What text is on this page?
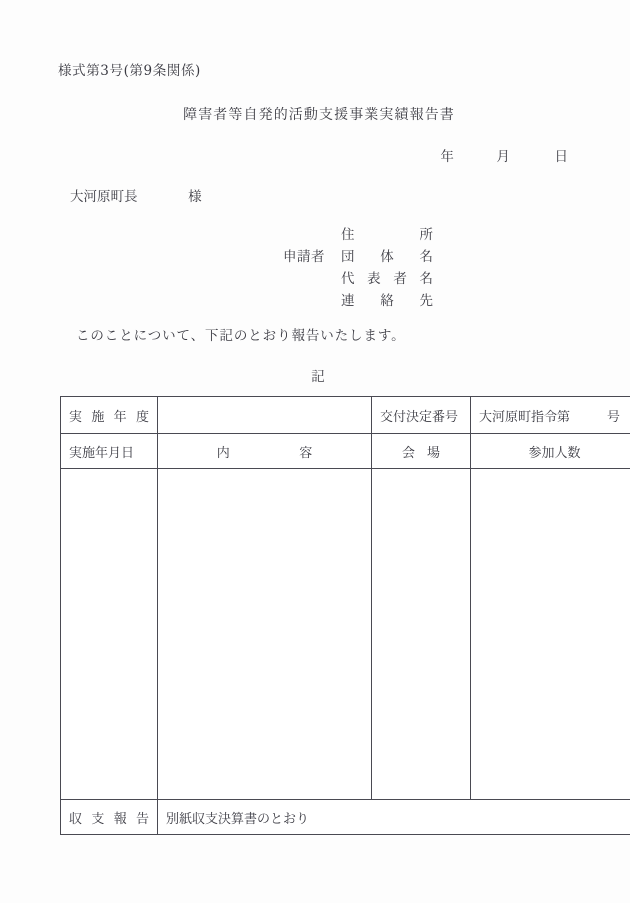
様式第3号(第9条関係)
障害者等自発的活動支援事業実績報告書
年	月	日
大河原町長	様
住所
申請者	団体名
代表者名
連絡先
このことについて、下記のとおり報告いたします。
記
実施年度		交付決定番号	大河原町指令第 号

実施年月日	内 容	会 場	参加人数

収支報告	別紙収支決算書のとおり		
